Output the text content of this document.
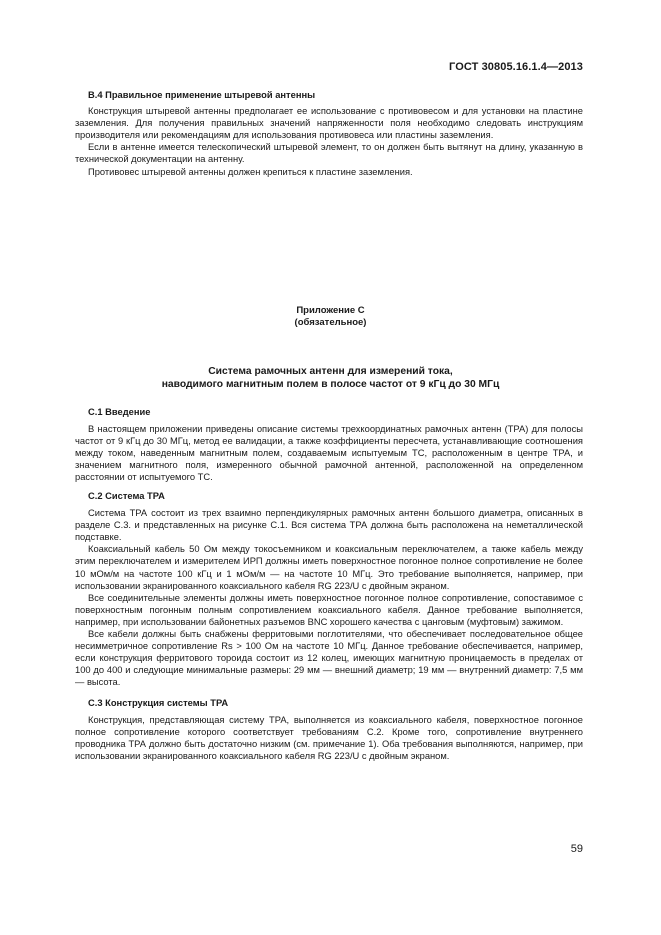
ГОСТ 30805.16.1.4—2013

В.4 Правильное применение штыревой антенны

Конструкция штыревой антенны предполагает ее использование с противовесом и для установки на пластине заземления. Для получения правильных значений напряженности поля необходимо следовать инструкциям производителя или рекомендациям для использования противовеса или пластины заземления.

Если в антенне имеется телескопический штыревой элемент, то он должен быть вытянут на длину, указанную в технической документации на антенну.

Противовес штыревой антенны должен крепиться к пластине заземления.

Приложение С
(обязательное)
Система рамочных антенн для измерений тока,
наводимого магнитным полем в полосе частот от 9 кГц до 30 МГц

С.1 Введение

В настоящем приложении приведены описание системы трехкоординатных рамочных антенн (ТРА) для полосы частот от 9 кГц до 30 МГц, метод ее валидации, а также коэффициенты пересчета, устанавливающие соотношения между током, наведенным магнитным полем, создаваемым испытуемым ТС, расположенным в центре ТРА, и значением магнитного поля, измеренного обычной рамочной антенной, расположенной на определенном расстоянии от испытуемого ТС.

С.2 Система ТРА

Система ТРА состоит из трех взаимно перпендикулярных рамочных антенн большого диаметра, описанных в разделе С.3. и представленных на рисунке С.1. Вся система ТРА должна быть расположена на неметаллической подставке.

Коаксиальный кабель 50 Ом между токосъемником и коаксиальным переключателем, а также кабель между этим переключателем и измерителем ИРП должны иметь поверхностное погонное полное сопротивление не более 10 мОм/м на частоте 100 кГц и 1 мОм/м — на частоте 10 МГц. Это требование выполняется, например, при использовании экранированного коаксиального кабеля RG 223/U с двойным экраном.

Все соединительные элементы должны иметь поверхностное погонное полное сопротивление, сопоставимое с поверхностным погонным полным сопротивлением коаксиального кабеля. Данное требование выполняется, например, при использовании байонетных разъемов BNC хорошего качества с цанговым (муфтовым) зажимом.

Все кабели должны быть снабжены ферритовыми поглотителями, что обеспечивает последовательное общее несимметричное сопротивление Rs > 100 Ом на частоте 10 МГц. Данное требование обеспечивается, например, если конструкция ферритового тороида состоит из 12 колец, имеющих магнитную проницаемость в пределах от 100 до 400 и следующие минимальные размеры: 29 мм — внешний диаметр; 19 мм — внутренний диаметр: 7,5 мм — высота.

С.3 Конструкция системы ТРА

Конструкция, представляющая систему ТРА, выполняется из коаксиального кабеля, поверхностное погонное полное сопротивление которого соответствует требованиям С.2. Кроме того, сопротивление внутреннего проводника ТРА должно быть достаточно низким (см. примечание 1). Оба требования выполняются, например, при использовании экранированного коаксиального кабеля RG 223/U с двойным экраном.

59
